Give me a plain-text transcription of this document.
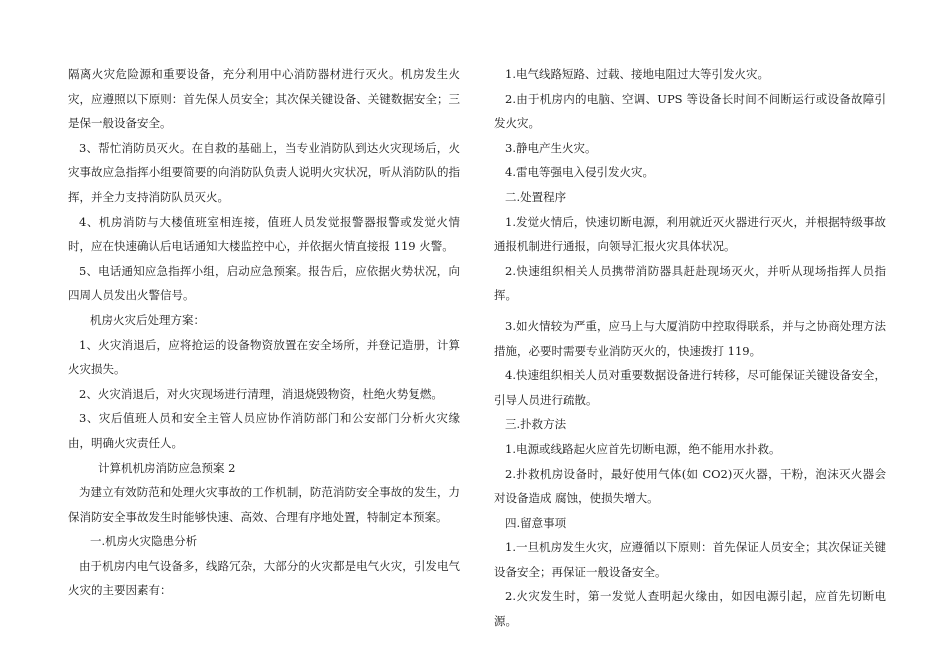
隔离火灾危险源和重要设备，充分利用中心消防器材进行灭火。机房发生火灾，应遵照以下原则：首先保人员安全；其次保关键设备、关键数据安全；三是保一般设备安全。

3、帮忙消防员灭火。在自救的基础上，当专业消防队到达火灾现场后，火灾事故应急指挥小组要简要的向消防队负责人说明火灾状况，听从消防队的指挥，并全力支持消防队员灭火。

4、机房消防与大楼值班室相连接，值班人员发觉报警器报警或发觉火情时，应在快速确认后电话通知大楼监控中心，并依据火情直接报 119 火警。

5、电话通知应急指挥小组，启动应急预案。报告后，应依据火势状况，向四周人员发出火警信号。

机房火灾后处理方案：

1、火灾消退后，应将抢运的设备物资放置在安全场所，并登记造册，计算火灾损失。

2、火灾消退后，对火灾现场进行清理，消退烧毁物资，杜绝火势复燃。

3、灾后值班人员和安全主管人员应协作消防部门和公安部门分析火灾缘由，明确火灾责任人。

计算机机房消防应急预案 2

为建立有效防范和处理火灾事故的工作机制，防范消防安全事故的发生，力保消防安全事故发生时能够快速、高效、合理有序地处置，特制定本预案。

一.机房火灾隐患分析

由于机房内电气设备多，线路冗杂，大部分的火灾都是电气火灾，引发电气火灾的主要因素有：

1.电气线路短路、过载、接地电阻过大等引发火灾。

2.由于机房内的电脑、空调、UPS 等设备长时间不间断运行或设备故障引发火灾。

3.静电产生火灾。

4.雷电等强电入侵引发火灾。

二.处置程序

1.发觉火情后，快速切断电源，利用就近灭火器进行灭火，并根据特级事故通报机制进行通报，向领导汇报火灾具体状况。

2.快速组织相关人员携带消防器具赶赴现场灭火，并听从现场指挥人员指挥。

3.如火情较为严重，应马上与大厦消防中控取得联系，并与之协商处理方法措施，必要时需要专业消防灭火的，快速拨打 119。

4.快速组织相关人员对重要数据设备进行转移，尽可能保证关键设备安全，引导人员进行疏散。

三.扑救方法

1.电源或线路起火应首先切断电源，绝不能用水扑救。

2.扑救机房设备时，最好使用气体(如 CO2)灭火器，干粉，泡沫灭火器会对设备造成 腐蚀，使损失增大。

四.留意事项

1.一旦机房发生火灾，应遵循以下原则：首先保证人员安全；其次保证关键设备安全；再保证一般设备安全。

2.火灾发生时，第一发觉人查明起火缘由，如因电源引起，应首先切断电源。
